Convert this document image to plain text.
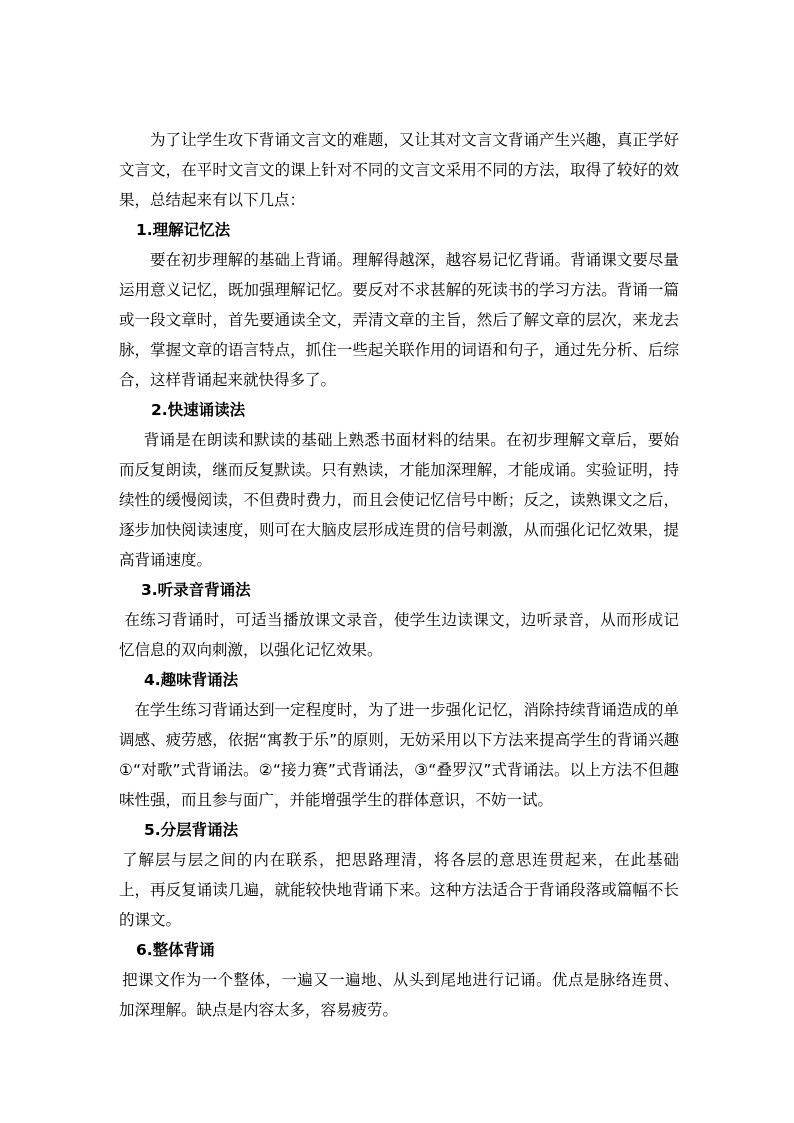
为了让学生攻下背诵文言文的难题，又让其对文言文背诵产生兴趣，真正学好文言文，在平时文言文的课上针对不同的文言文采用不同的方法，取得了较好的效果，总结起来有以下几点：

1.理解记忆法

要在初步理解的基础上背诵。理解得越深，越容易记忆背诵。背诵课文要尽量运用意义记忆，既加强理解记忆。要反对不求甚解的死读书的学习方法。背诵一篇或一段文章时，首先要通读全文，弄清文章的主旨，然后了解文章的层次，来龙去脉，掌握文章的语言特点，抓住一些起关联作用的词语和句子，通过先分析、后综合，这样背诵起来就快得多了。

2.快速诵读法

背诵是在朗读和默读的基础上熟悉书面材料的结果。在初步理解文章后，要始而反复朗读，继而反复默读。只有熟读，才能加深理解，才能成诵。实验证明，持续性的缓慢阅读，不但费时费力，而且会使记忆信号中断；反之，读熟课文之后，逐步加快阅读速度，则可在大脑皮层形成连贯的信号刺激，从而强化记忆效果，提高背诵速度。

3.听录音背诵法

在练习背诵时，可适当播放课文录音，使学生边读课文，边听录音，从而形成记忆信息的双向刺激，以强化记忆效果。

4.趣味背诵法

在学生练习背诵达到一定程度时，为了进一步强化记忆，消除持续背诵造成的单调感、疲劳感，依据“寓教于乐”的原则，无妨采用以下方法来提高学生的背诵兴趣 ①“对歌”式背诵法。②“接力赛”式背诵法，③“叠罗汉”式背诵法。以上方法不但趣味性强，而且参与面广，并能增强学生的群体意识，不妨一试。

5.分层背诵法

了解层与层之间的内在联系，把思路理清，将各层的意思连贯起来，在此基础上，再反复诵读几遍，就能较快地背诵下来。这种方法适合于背诵段落或篇幅不长的课文。

6.整体背诵

把课文作为一个整体，一遍又一遍地、从头到尾地进行记诵。优点是脉络连贯、加深理解。缺点是内容太多，容易疲劳。
